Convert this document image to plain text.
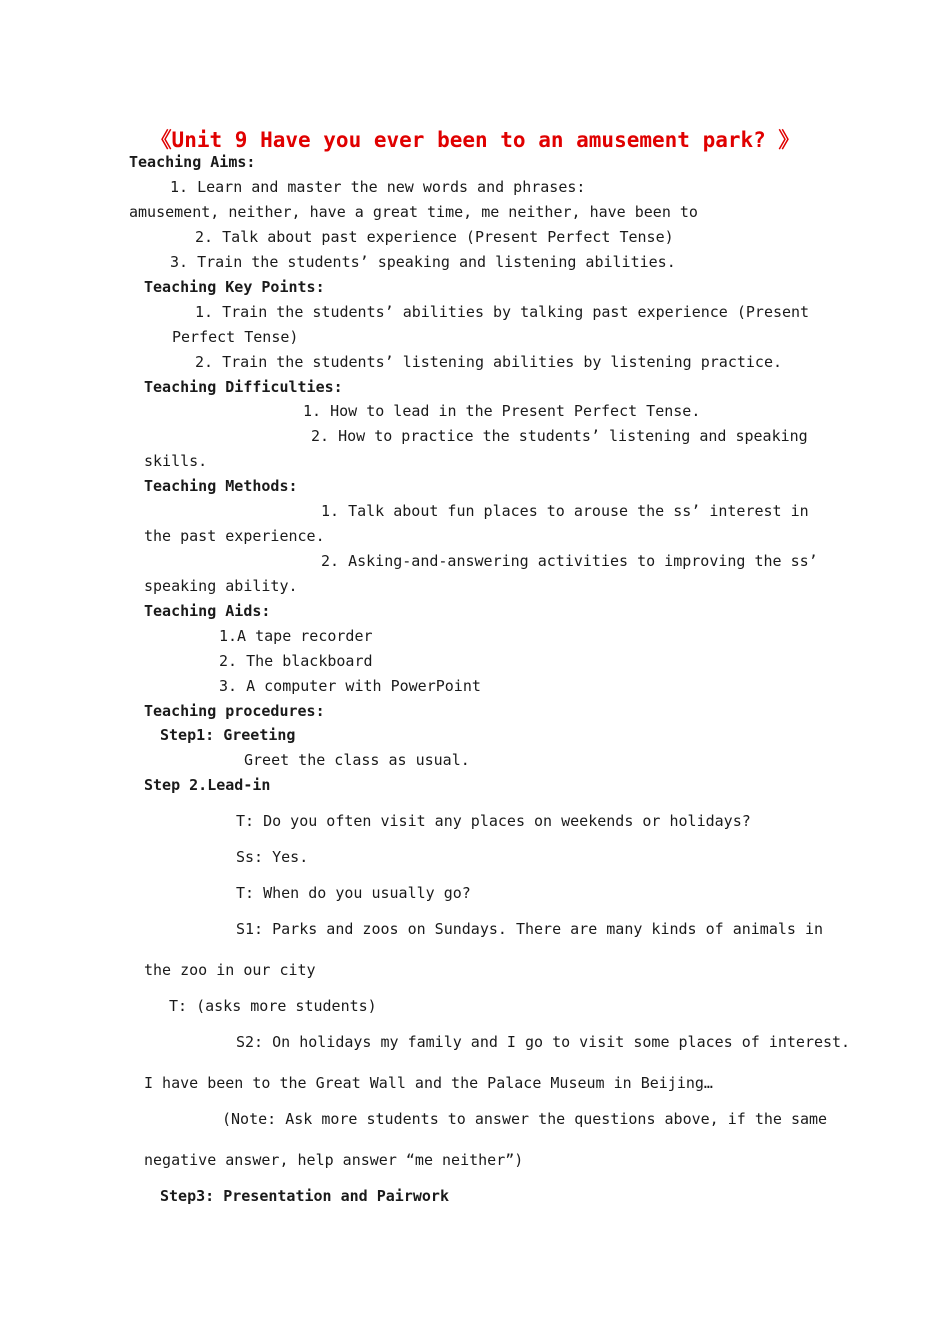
《Unit 9 Have you ever been to an amusement park? 》
Teaching Aims:
1. Learn and master the new words and phrases:
amusement, neither, have a great time, me neither, have been to
2. Talk about past experience (Present Perfect Tense)
3. Train the students’ speaking and listening abilities.
Teaching Key Points:
1. Train the students’ abilities by talking past experience (Present
Perfect Tense)
2. Train the students’ listening abilities by listening practice.
Teaching Difficulties:
1. How to lead in the Present Perfect Tense.
2. How to practice the students’ listening and speaking
skills.
Teaching Methods:
1. Talk about fun places to arouse the ss’ interest in
the past experience.
2. Asking-and-answering activities to improving the ss’
speaking ability.
Teaching Aids:
1.A tape recorder
2. The blackboard
3. A computer with PowerPoint
Teaching procedures:
Step1: Greeting
Greet the class as usual.
Step 2.Lead-in
T: Do you often visit any places on weekends or holidays?
Ss: Yes.
T: When do you usually go?
S1: Parks and zoos on Sundays. There are many kinds of animals in
the zoo in our city
T: (asks more students)
S2: On holidays my family and I go to visit some places of interest.
I have been to the Great Wall and the Palace Museum in Beijing…
(Note: Ask more students to answer the questions above, if the same
negative answer, help answer “me neither”)
Step3: Presentation and Pairwork
